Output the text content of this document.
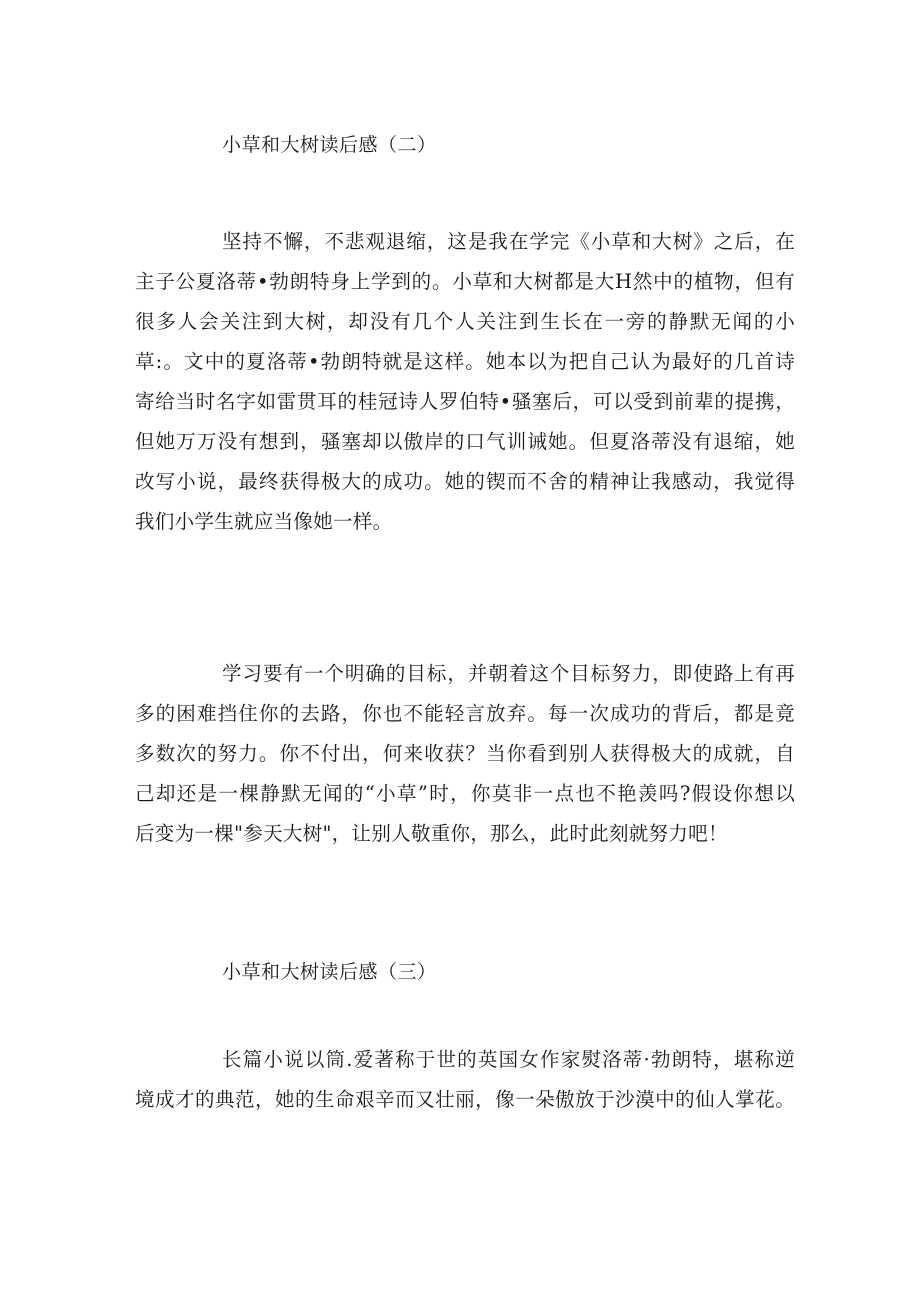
小草和大树读后感（二）
坚持不懈，不悲观退缩，这是我在学完《小草和大树》之后，在
主子公夏洛蒂•勃朗特身上学到的。小草和大树都是大H然中的植物，但有
很多人会关注到大树，却没有几个人关注到生长在一旁的静默无闻的小
草:。文中的夏洛蒂•勃朗特就是这样。她本以为把自己认为最好的几首诗
寄给当时名字如雷贯耳的桂冠诗人罗伯特•骚塞后，可以受到前辈的提携，
但她万万没有想到，骚塞却以傲岸的口气训诫她。但夏洛蒂没有退缩，她
改写小说，最终获得极大的成功。她的锲而不舍的精神让我感动，我觉得
我们小学生就应当像她一样。
学习要有一个明确的目标，并朝着这个目标努力，即使路上有再
多的困难挡住你的去路，你也不能轻言放弃。每一次成功的背后，都是竟
多数次的努力。你不付出，何来收获？当你看到别人获得极大的成就，自
己却还是一棵静默无闻的“小草”时，你莫非一点也不艳羡吗?假设你想以
后变为一棵"参天大树"，让别人敬重你，那么，此时此刻就努力吧！
小草和大树读后感（三）
长篇小说以筒.爱著称于世的英国女作家熨洛蒂·勃朗特，堪称逆
境成才的典范，她的生命艰辛而又壮丽，像一朵傲放于沙漠中的仙人掌花。
